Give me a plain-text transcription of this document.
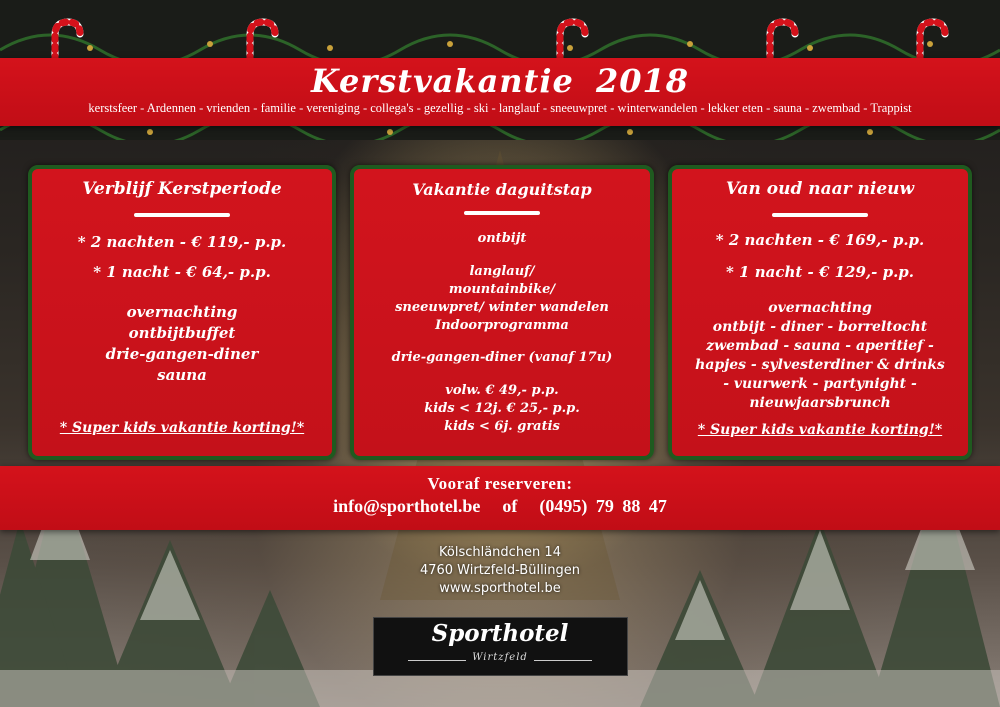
Kerstvakantie 2018
kerstsfeer - Ardennen - vrienden - familie - vereniging - collega's - gezellig - ski - langlauf - sneeuwpret - winterwandelen - lekker eten - sauna - zwembad - Trappist
Verblijf Kerstperiode
* 2 nachten - € 119,- p.p.
* 1 nacht - € 64,- p.p.
overnachting
ontbijtbuffet
drie-gangen-diner
sauna
* Super kids vakantie korting!*
Vakantie daguitstap
ontbijt
langlauf/
mountainbike/
sneeuwpret/ winter wandelen
Indoorprogramma
drie-gangen-diner (vanaf 17u)
volw. € 49,- p.p.
kids < 12j. € 25,- p.p.
kids < 6j. gratis
Van oud naar nieuw
* 2 nachten - € 169,- p.p.
* 1 nacht - € 129,- p.p.
overnachting
ontbijt - diner - borreltocht
zwembad - sauna - aperitief -
hapjes - sylvesterdiner & drinks
- vuurwerk - partynight -
nieuwjaarsbrunch
* Super kids vakantie korting!*
Vooraf reserveren:
info@sporthotel.be of (0495) 79 88 47
Kölschländchen 14
4760 Wirtzfeld-Büllingen
www.sporthotel.be
Sporthotel
Wirtzfeld
